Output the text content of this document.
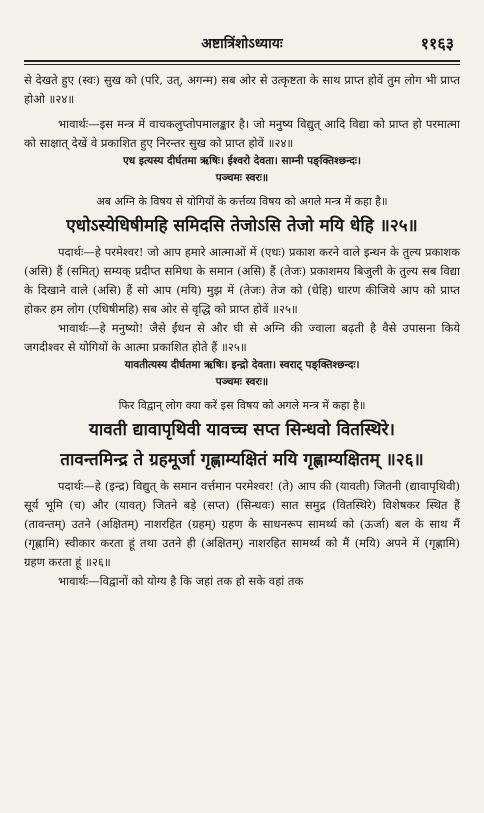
अष्टात्रिंशोऽध्यायः	११६३

से देखते हुए (स्वः) सुख को (परि, उत्, अगन्म) सब ओर से उत्कृष्टता के साथ प्राप्त होवें तुम लोग भी प्राप्त होओ ॥२४॥

भावार्थः—इस मन्त्र में वाचकलुप्तोपमालङ्कार है। जो मनुष्य विद्युत् आदि विद्या को प्राप्त हो परमात्मा को साक्षात् देखें वे प्रकाशित हुए निरन्तर सुख को प्राप्त होवें ॥२४॥

एध इत्यस्य दीर्घतमा ऋषिः। ईश्वरो देवता। साम्नी पङ्क्तिश्छन्दः।

पञ्चमः स्वरः॥

अब अग्नि के विषय से योगियों के कर्त्तव्य विषय को अगले मन्त्र में कहा है॥

एधोऽस्येधिषीमहि समिदसि तेजोऽसि तेजो मयि धेहि ॥२५॥

पदार्थः—हे परमेश्वर! जो आप हमारे आत्माओं में (एधः) प्रकाश करने वाले इन्धन के तुल्य प्रकाशक (असि) हैं (समित्) सम्यक् प्रदीप्त समिधा के समान (असि) हैं (तेजः) प्रकाशमय बिजुली के तुल्य सब विद्या के दिखाने वाले (असि) हैं सो आप (मयि) मुझ में (तेजः) तेज को (धेहि) धारण कीजिये आप को प्राप्त होकर हम लोग (एधिषीमहि) सब ओर से वृद्धि को प्राप्त होवें ॥२५॥

भावार्थः—हे मनुष्यो! जैसे ईंधन से और घी से अग्नि की ज्वाला बढ़ती है वैसे उपासना किये जगदीश्वर से योगियों के आत्मा प्रकाशित होते हैं ॥२५॥

यावतीत्यस्य दीर्घतमा ऋषिः। इन्द्रो देवता। स्वराट् पङ्क्तिश्छन्दः।

पञ्चमः स्वरः॥

फिर विद्वान् लोग क्या करें इस विषय को अगले मन्त्र में कहा है॥

यावती द्यावापृथिवी यावच्च सप्त सिन्धवो वितस्थिरे।

तावन्तमिन्द्र ते ग्रहमूर्जा गृह्णाम्यक्षितं मयि गृह्णाम्यक्षितम् ॥२६॥

पदार्थः—हे (इन्द्र) विद्युत् के समान वर्त्तमान परमेश्वर! (ते) आप की (यावती) जितनी (द्यावापृथिवी) सूर्य भूमि (च) और (यावत्) जितने बड़े (सप्त) (सिन्धवः) सात समुद्र (वितस्थिरे) विशेषकर स्थित हैं (तावन्तम्) उतने (अक्षितम्) नाशरहित (ग्रहम्) ग्रहण के साधनरूप सामर्थ्य को (ऊर्जा) बल के साथ मैं (गृह्णामि) स्वीकार करता हूं तथा उतने ही (अक्षितम्) नाशरहित सामर्थ्य को मैं (मयि) अपने में (गृह्णामि) ग्रहण करता हूं ॥२६॥

भावार्थः—विद्वानों को योग्य है कि जहां तक हो सके वहां तक
